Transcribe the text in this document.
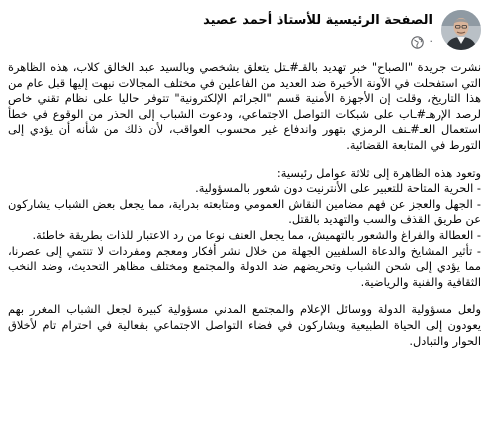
الصفحة الرئيسية للأستاذ أحمد عصيد
·

نشرت جريدة "الصباح" خبر تهديد بالقـ#ـتل يتعلق بشخصي وبالسيد عبد الخالق كلاب، هذه الظاهرة التي استفحلت في الآونة الأخيرة ضد العديد من الفاعلين في مختلف المجالات نبهت إليها قبل عام من هذا التاريخ، وقلت إن الأجهزة الأمنية قسم "الجرائم الإلكترونية" تتوفر حاليا على نظام تقني خاص لرصد الإرهـ#ـاب على شبكات التواصل الاجتماعي، ودعوت الشباب إلى الحذر من الوقوع في خطأ استعمال العـ#ـنف الرمزي بتهور واندفاع غير محسوب العواقب، لأن ذلك من شأنه أن يؤدي إلى التورط في المتابعة القضائية.

وتعود هذه الظاهرة إلى ثلاثة عوامل رئيسية:
- الحرية المتاحة للتعبير على الأنترنيت دون شعور بالمسؤولية.
- الجهل والعجز عن فهم مضامين النقاش العمومي ومتابعته بدراية، مما يجعل بعض الشباب يشاركون عن طريق القذف والسب والتهديد بالقتل.
- العطالة والفراغ والشعور بالتهميش، مما يجعل العنف نوعا من رد الاعتبار للذات بطريقة خاطئة.
- تأثير المشايخ والدعاة السلفيين الجهلة من خلال نشر أفكار ومعجم ومفردات لا تنتمي إلى عصرنا، مما يؤدي إلى شحن الشباب وتحريضهم ضد الدولة والمجتمع ومختلف مظاهر التحديث، وضد النخب الثقافية والفنية والرياضية.

ولعل مسؤولية الدولة ووسائل الإعلام والمجتمع المدني مسؤولية كبيرة لجعل الشباب المغرر بهم يعودون إلى الحياة الطبيعية ويشاركون في فضاء التواصل الاجتماعي بفعالية في احترام تام لأخلاق الحوار والتبادل.
